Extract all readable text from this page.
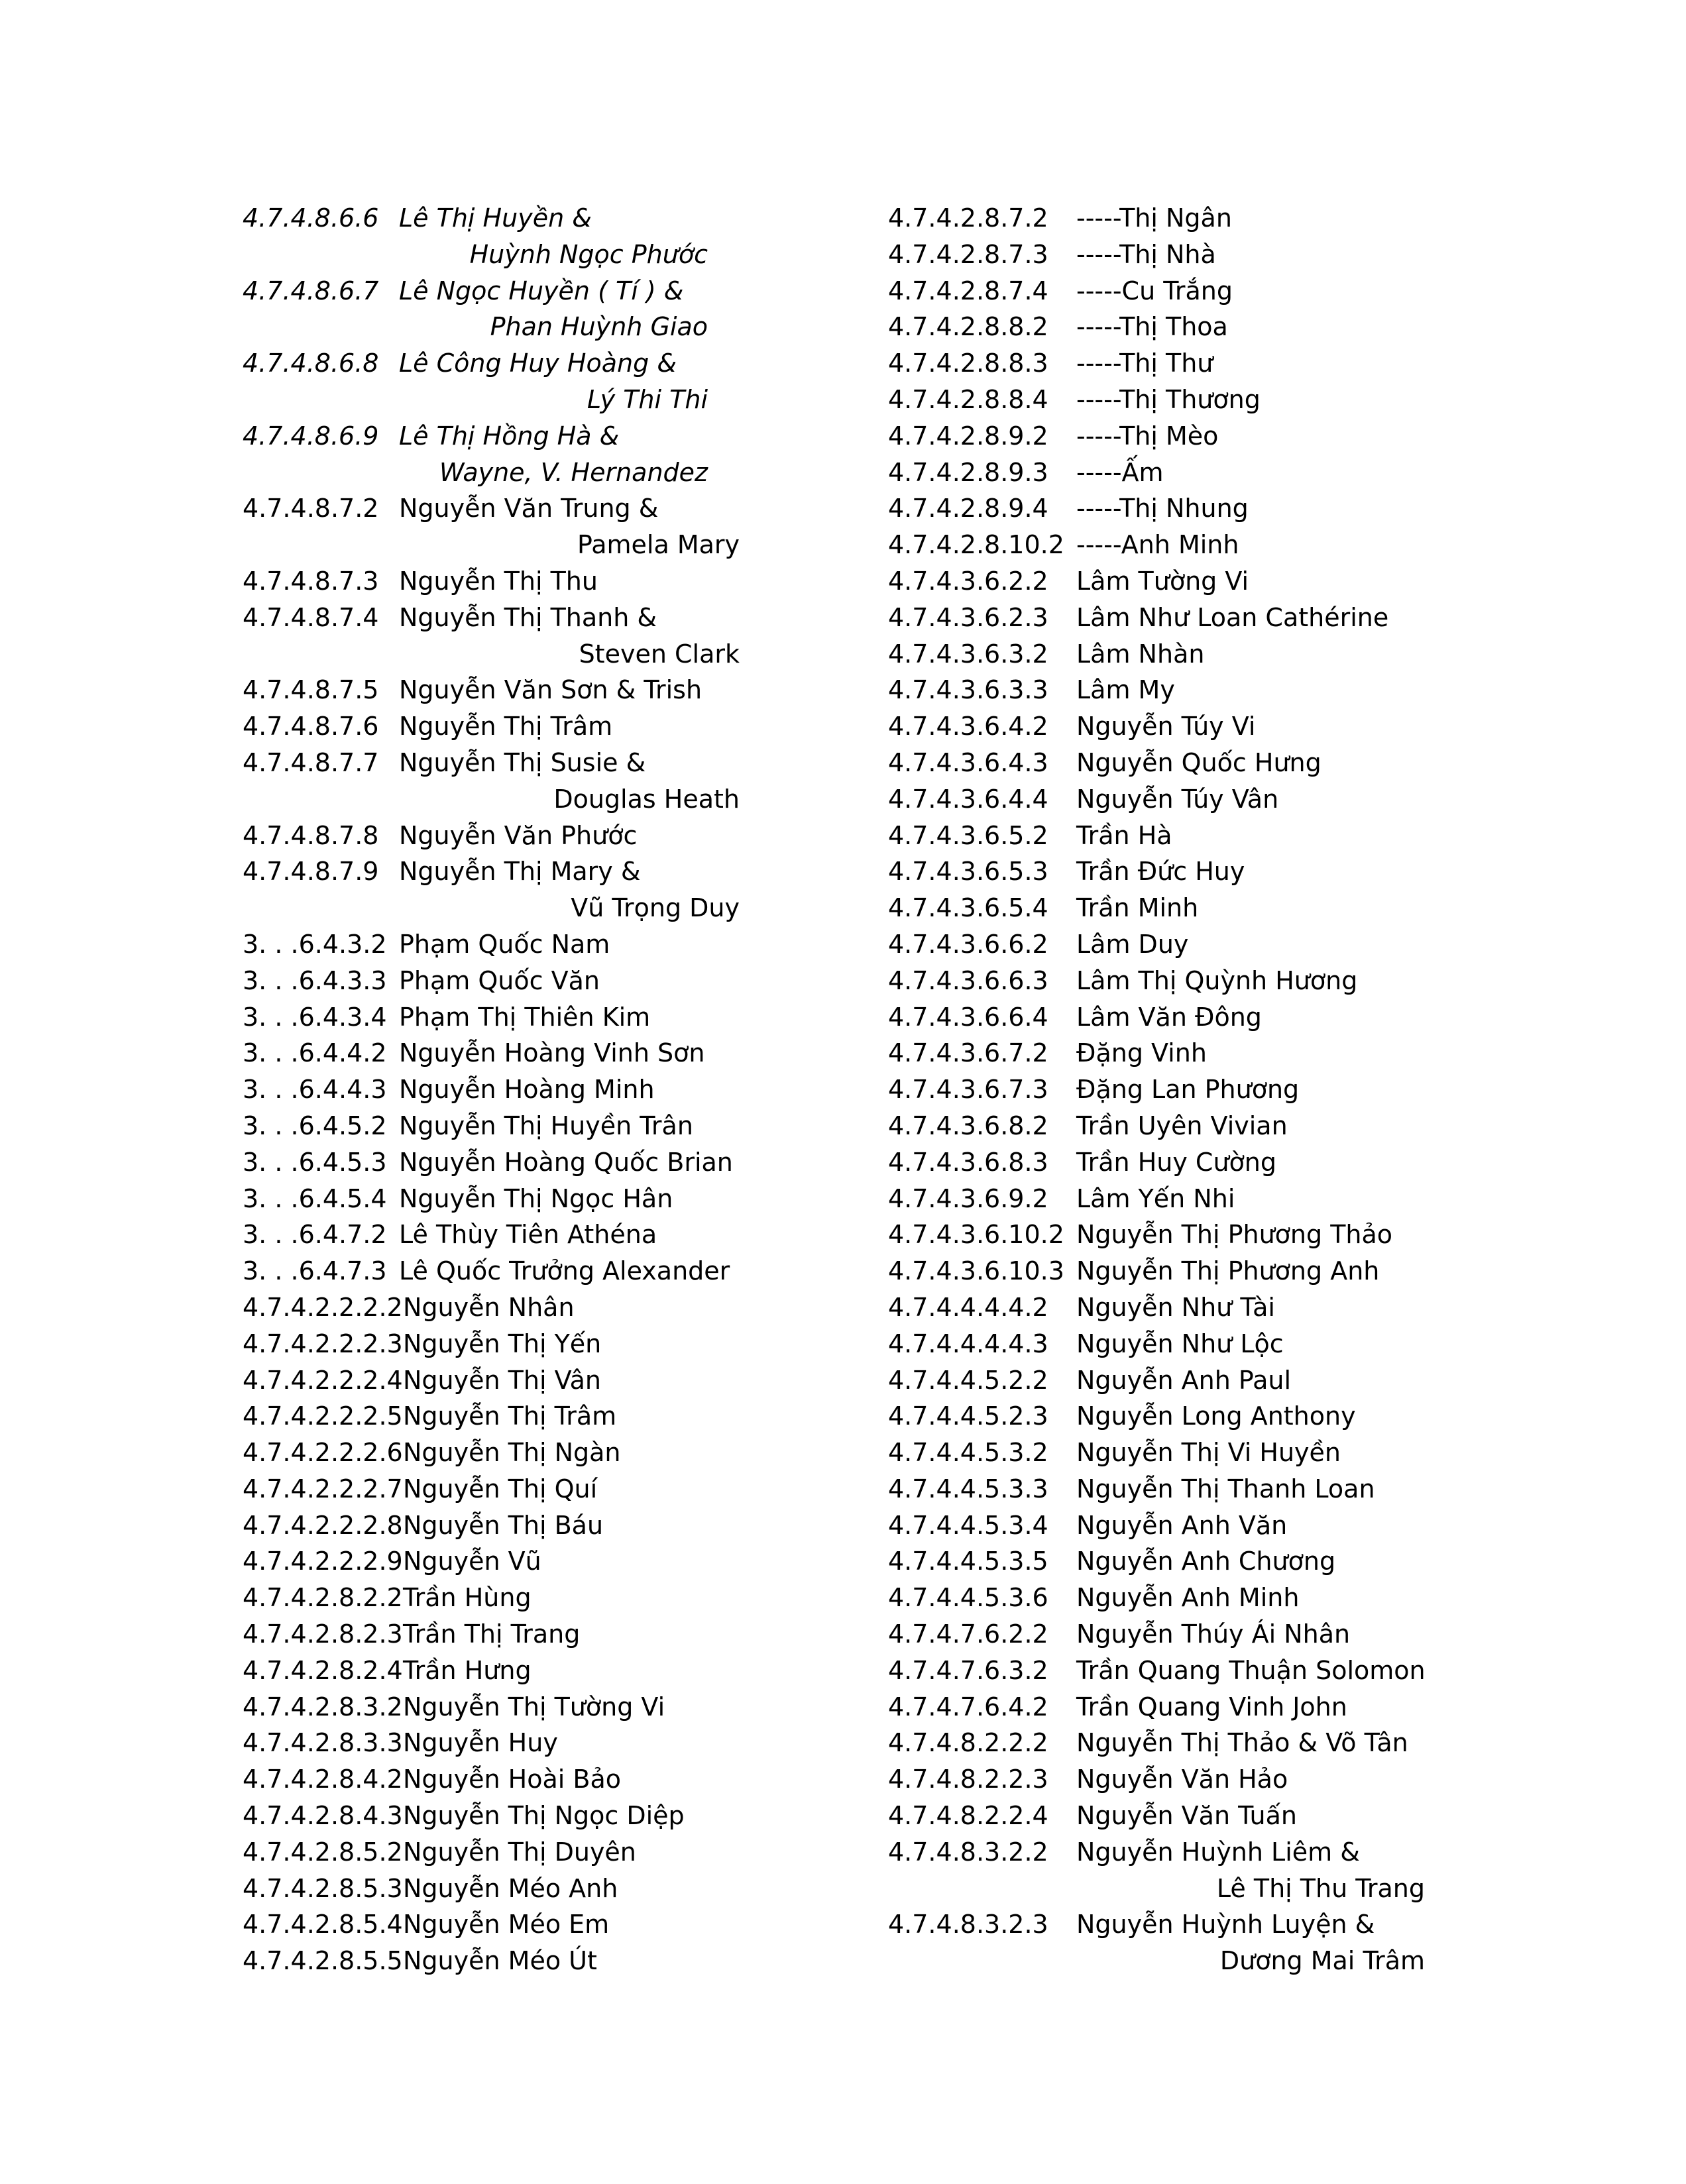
4.7.4.8.6.6 Lê Thị Huyền &
Huỳnh Ngọc Phước
4.7.4.8.6.7 Lê Ngọc Huyền ( Tí ) &
Phan Huỳnh Giao
4.7.4.8.6.8 Lê Công Huy Hoàng &
Lý Thi Thi
4.7.4.8.6.9 Lê Thị Hồng Hà &
Wayne, V. Hernandez
4.7.4.8.7.2 Nguyễn Văn Trung &
Pamela Mary
4.7.4.8.7.3 Nguyễn Thị Thu
4.7.4.8.7.4 Nguyễn Thị Thanh &
Steven Clark
4.7.4.8.7.5 Nguyễn Văn Sơn & Trish
4.7.4.8.7.6 Nguyễn Thị Trâm
4.7.4.8.7.7 Nguyễn Thị Susie &
Douglas Heath
4.7.4.8.7.8 Nguyễn Văn Phước
4.7.4.8.7.9 Nguyễn Thị Mary &
Vũ Trọng Duy
3. . .6.4.3.2 Phạm Quốc Nam
3. . .6.4.3.3 Phạm Quốc Văn
3. . .6.4.3.4 Phạm Thị Thiên Kim
3. . .6.4.4.2 Nguyễn Hoàng Vinh Sơn
3. . .6.4.4.3 Nguyễn Hoàng Minh
3. . .6.4.5.2 Nguyễn Thị Huyền Trân
3. . .6.4.5.3 Nguyễn Hoàng Quốc Brian
3. . .6.4.5.4 Nguyễn Thị Ngọc Hân
3. . .6.4.7.2 Lê Thùy Tiên Athéna
3. . .6.4.7.3 Lê Quốc Trưởng Alexander
4.7.4.2.2.2.2 Nguyễn Nhân
4.7.4.2.2.2.3 Nguyễn Thị Yến
4.7.4.2.2.2.4 Nguyễn Thị Vân
4.7.4.2.2.2.5 Nguyễn Thị Trâm
4.7.4.2.2.2.6 Nguyễn Thị Ngàn
4.7.4.2.2.2.7 Nguyễn Thị Quí
4.7.4.2.2.2.8 Nguyễn Thị Báu
4.7.4.2.2.2.9 Nguyễn Vũ
4.7.4.2.8.2.2 Trần Hùng
4.7.4.2.8.2.3 Trần Thị Trang
4.7.4.2.8.2.4 Trần Hưng
4.7.4.2.8.3.2 Nguyễn Thị Tường Vi
4.7.4.2.8.3.3 Nguyễn Huy
4.7.4.2.8.4.2 Nguyễn Hoài Bảo
4.7.4.2.8.4.3 Nguyễn Thị Ngọc Diệp
4.7.4.2.8.5.2 Nguyễn Thị Duyên
4.7.4.2.8.5.3 Nguyễn Méo Anh
4.7.4.2.8.5.4 Nguyễn Méo Em
4.7.4.2.8.5.5 Nguyễn Méo Út
4.7.4.2.8.7.2 -----Thị Ngân
4.7.4.2.8.7.3 -----Thị Nhà
4.7.4.2.8.7.4 -----Cu Trắng
4.7.4.2.8.8.2 -----Thị Thoa
4.7.4.2.8.8.3 -----Thị Thư
4.7.4.2.8.8.4 -----Thị Thương
4.7.4.2.8.9.2 -----Thị Mèo
4.7.4.2.8.9.3 -----Ấm
4.7.4.2.8.9.4 -----Thị Nhung
4.7.4.2.8.10.2 -----Anh Minh
4.7.4.3.6.2.2 Lâm Tường Vi
4.7.4.3.6.2.3 Lâm Như Loan Cathérine
4.7.4.3.6.3.2 Lâm Nhàn
4.7.4.3.6.3.3 Lâm My
4.7.4.3.6.4.2 Nguyễn Túy Vi
4.7.4.3.6.4.3 Nguyễn Quốc Hưng
4.7.4.3.6.4.4 Nguyễn Túy Vân
4.7.4.3.6.5.2 Trần Hà
4.7.4.3.6.5.3 Trần Đức Huy
4.7.4.3.6.5.4 Trần Minh
4.7.4.3.6.6.2 Lâm Duy
4.7.4.3.6.6.3 Lâm Thị Quỳnh Hương
4.7.4.3.6.6.4 Lâm Văn Đông
4.7.4.3.6.7.2 Đặng Vinh
4.7.4.3.6.7.3 Đặng Lan Phương
4.7.4.3.6.8.2 Trần Uyên Vivian
4.7.4.3.6.8.3 Trần Huy Cường
4.7.4.3.6.9.2 Lâm Yến Nhi
4.7.4.3.6.10.2 Nguyễn Thị Phương Thảo
4.7.4.3.6.10.3 Nguyễn Thị Phương Anh
4.7.4.4.4.4.2 Nguyễn Như Tài
4.7.4.4.4.4.3 Nguyễn Như Lộc
4.7.4.4.5.2.2 Nguyễn Anh Paul
4.7.4.4.5.2.3 Nguyễn Long Anthony
4.7.4.4.5.3.2 Nguyễn Thị Vi Huyền
4.7.4.4.5.3.3 Nguyễn Thị Thanh Loan
4.7.4.4.5.3.4 Nguyễn Anh Văn
4.7.4.4.5.3.5 Nguyễn Anh Chương
4.7.4.4.5.3.6 Nguyễn Anh Minh
4.7.4.7.6.2.2 Nguyễn Thúy Ái Nhân
4.7.4.7.6.3.2 Trần Quang Thuận Solomon
4.7.4.7.6.4.2 Trần Quang Vinh John
4.7.4.8.2.2.2 Nguyễn Thị Thảo & Võ Tân
4.7.4.8.2.2.3 Nguyễn Văn Hảo
4.7.4.8.2.2.4 Nguyễn Văn Tuấn
4.7.4.8.3.2.2 Nguyễn Huỳnh Liêm &
Lê Thị Thu Trang
4.7.4.8.3.2.3 Nguyễn Huỳnh Luyện &
Dương Mai Trâm
